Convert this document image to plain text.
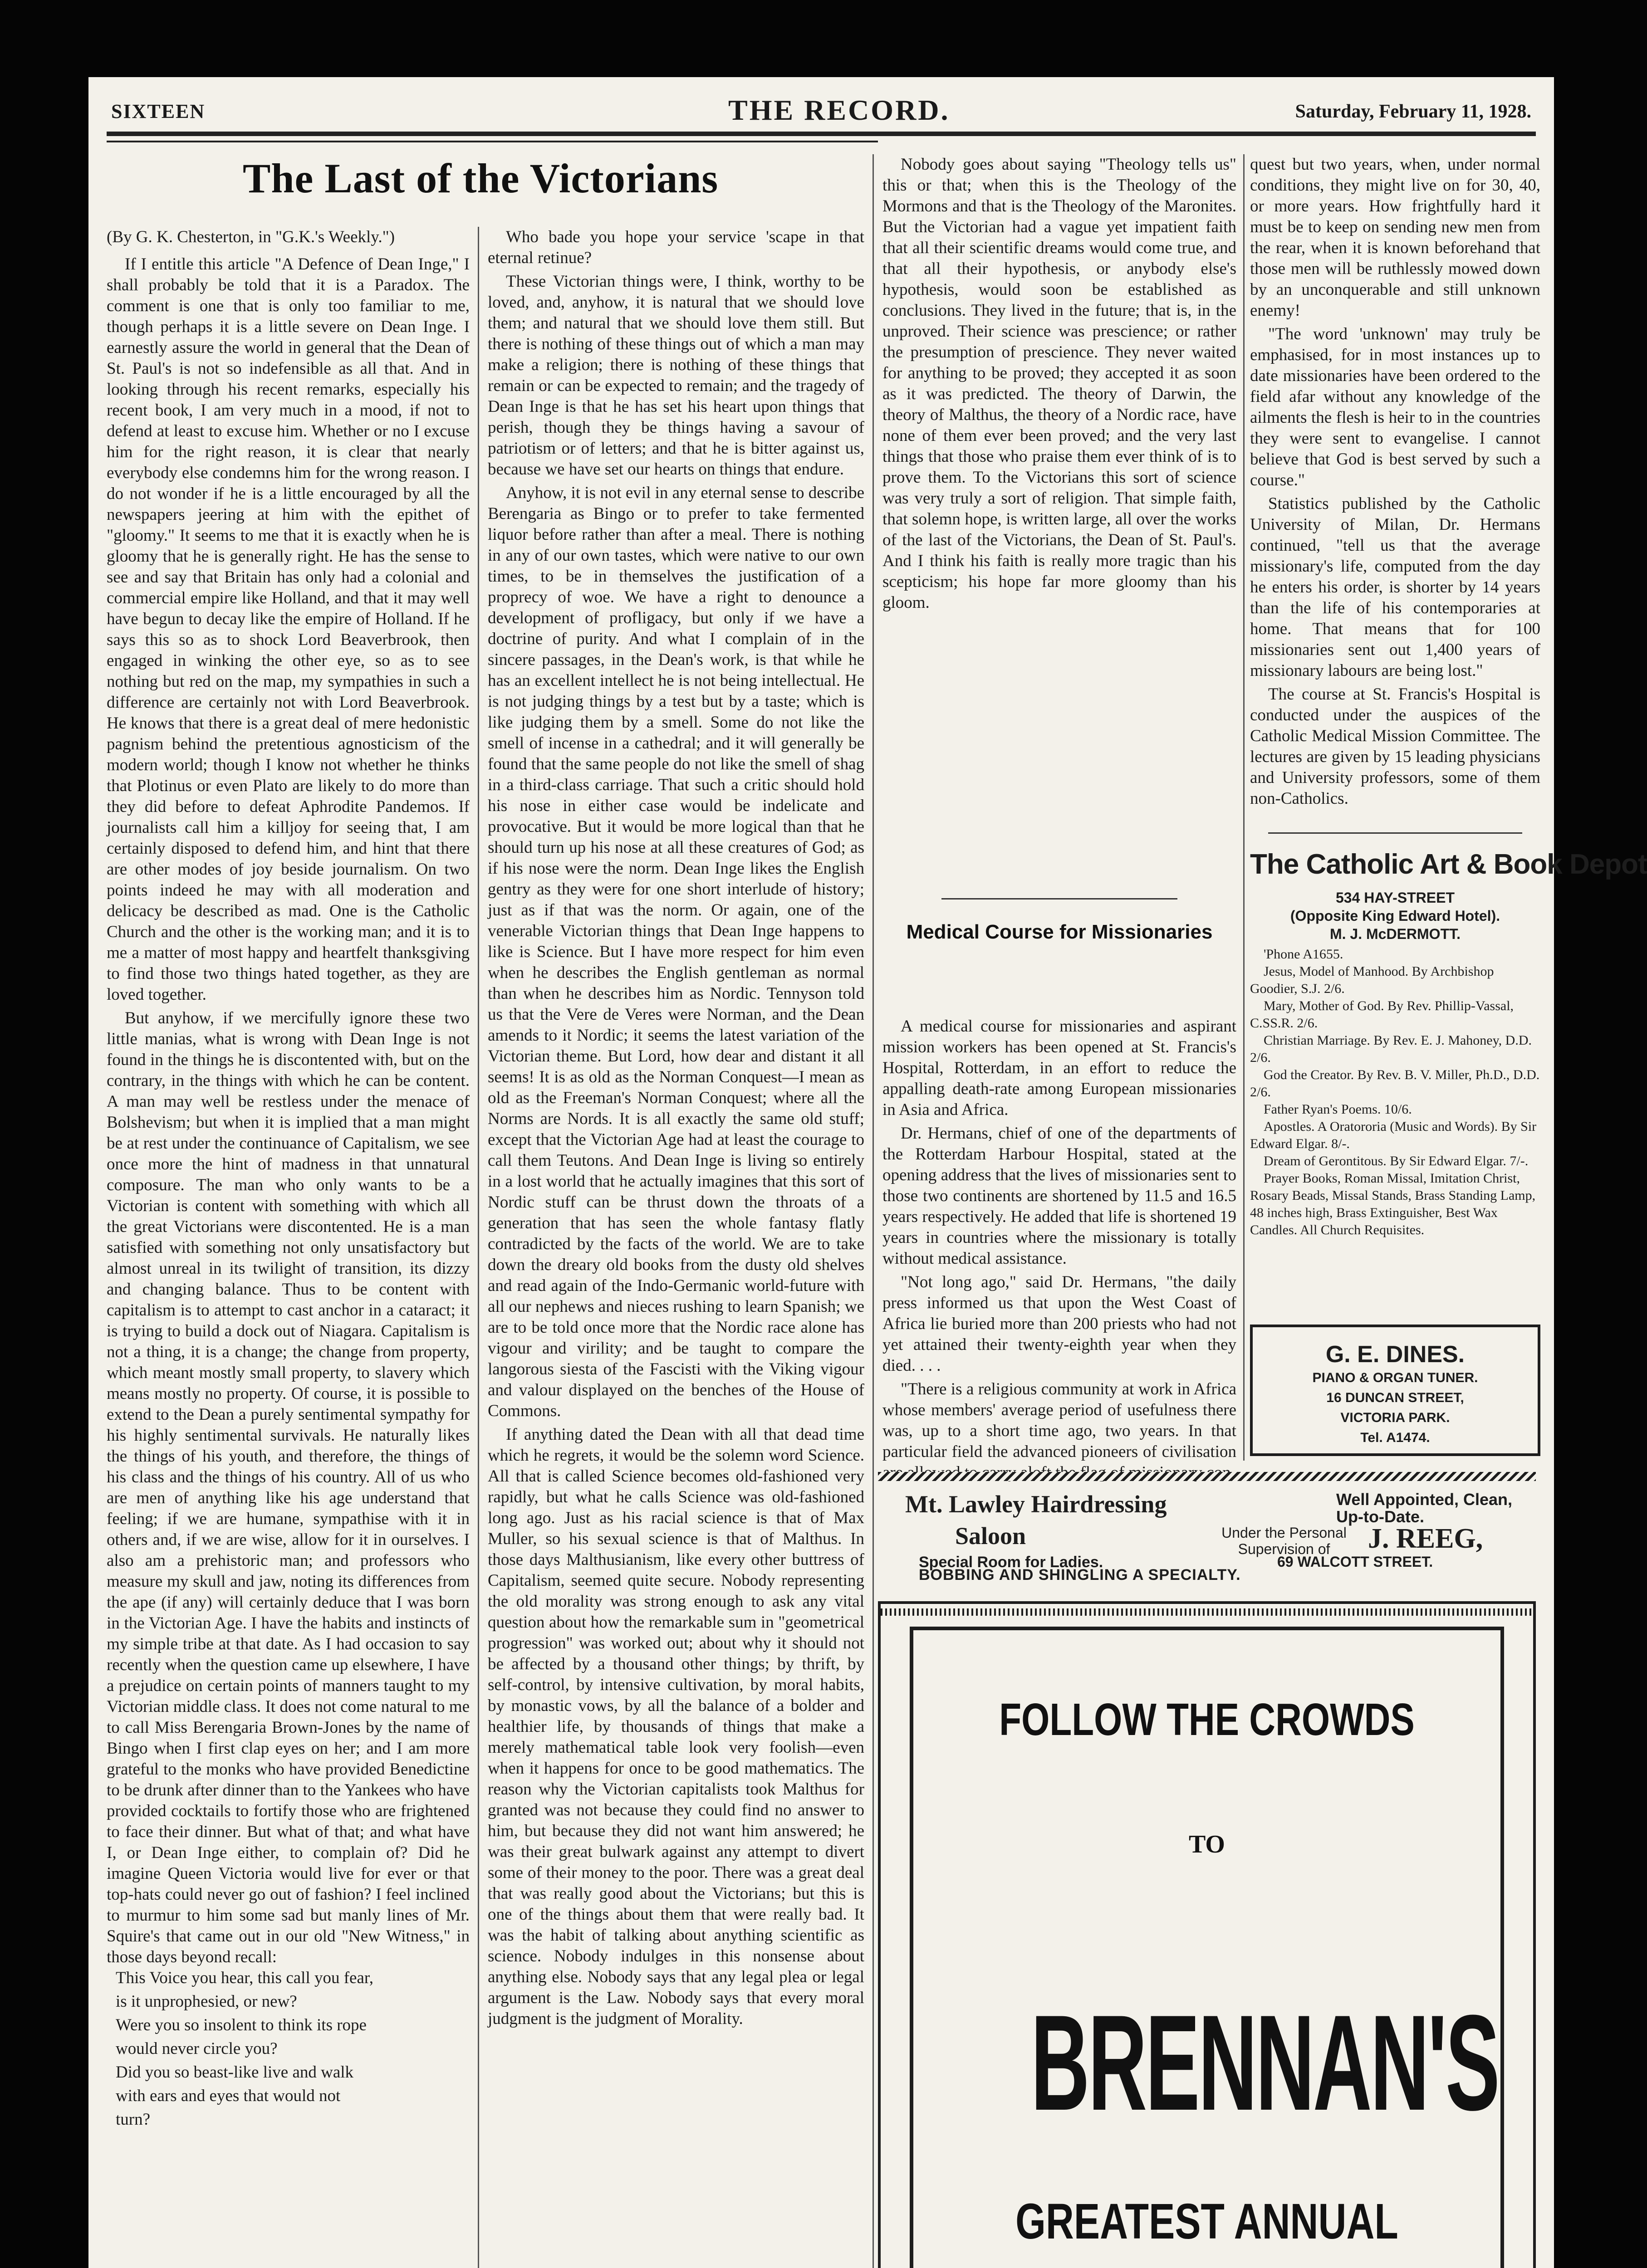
SIXTEEN	THE RECORD.	Saturday, February 11, 1928.
The Last of the Victorians
(By G. K. Chesterton, in "G.K.'s Weekly.")

If I entitle this article "A Defence of Dean Inge," I shall probably be told that it is a Paradox. The comment is one that is only too familiar to me, though perhaps it is a little severe on Dean Inge. I earnestly assure the world in general that the Dean of St. Paul's is not so indefensible as all that. And in looking through his recent remarks, especially his recent book, I am very much in a mood, if not to defend at least to excuse him. Whether or no I excuse him for the right reason, it is clear that nearly everybody else condemns him for the wrong reason. I do not wonder if he is a little encouraged by all the newspapers jeering at him with the epithet of "gloomy." It seems to me that it is exactly when he is gloomy that he is generally right. He has the sense to see and say that Britain has only had a colonial and commercial empire like Holland, and that it may well have begun to decay like the empire of Holland. If he says this so as to shock Lord Beaverbrook, then engaged in winking the other eye, so as to see nothing but red on the map, my sympathies in such a difference are certainly not with Lord Beaverbrook. He knows that there is a great deal of mere hedonistic pagnism behind the pretentious agnosticism of the modern world; though I know not whether he thinks that Plotinus or even Plato are likely to do more than they did before to defeat Aphrodite Pandemos. If journalists call him a killjoy for seeing that, I am certainly disposed to defend him, and hint that there are other modes of joy beside journalism. On two points indeed he may with all moderation and delicacy be described as mad. One is the Catholic Church and the other is the working man; and it is to me a matter of most happy and heartfelt thanksgiving to find those two things hated together, as they are loved together.

But anyhow, if we mercifully ignore these two little manias, what is wrong with Dean Inge is not found in the things he is discontented with, but on the contrary, in the things with which he can be content. A man may well be restless under the menace of Bolshevism; but when it is implied that a man might be at rest under the continuance of Capitalism, we see once more the hint of madness in that unnatural composure. The man who only wants to be a Victorian is content with something with which all the great Victorians were discontented. He is a man satisfied with something not only unsatisfactory but almost unreal in its twilight of transition, its dizzy and changing balance. Thus to be content with capitalism is to attempt to cast anchor in a cataract; it is trying to build a dock out of Niagara. Capitalism is not a thing, it is a change; the change from property, which meant mostly small property, to slavery which means mostly no property. Of course, it is possible to extend to the Dean a purely sentimental sympathy for his highly sentimental survivals. He naturally likes the things of his youth, and therefore, the things of his class and the things of his country. All of us who are men of anything like his age understand that feeling; if we are humane, sympathise with it in others and, if we are wise, allow for it in ourselves. I also am a prehistoric man; and professors who measure my skull and jaw, noting its differences from the ape (if any) will certainly deduce that I was born in the Victorian Age. I have the habits and instincts of my simple tribe at that date. As I had occasion to say recently when the question came up elsewhere, I have a prejudice on certain points of manners taught to my Victorian middle class. It does not come natural to me to call Miss Berengaria Brown-Jones by the name of Bingo when I first clap eyes on her; and I am more grateful to the monks who have provided Benedictine to be drunk after dinner than to the Yankees who have provided cocktails to fortify those who are frightened to face their dinner. But what of that; and what have I, or Dean Inge either, to complain of? Did he imagine Queen Victoria would live for ever or that top-hats could never go out of fashion? I feel inclined to murmur to him some sad but manly lines of Mr. Squire's that came out in our old "New Witness," in those days beyond recall:

This Voice you hear, this call you fear,

is it unprophesied, or new?

Were you so insolent to think its rope

would never circle you?

Did you so beast-like live and walk

with ears and eyes that would not

turn?

Who bade you hope your service 'scape in that eternal retinue?

These Victorian things were, I think, worthy to be loved, and, anyhow, it is natural that we should love them; and natural that we should love them still. But there is nothing of these things out of which a man may make a religion; there is nothing of these things that remain or can be expected to remain; and the tragedy of Dean Inge is that he has set his heart upon things that perish, though they be things having a savour of patriotism or of letters; and that he is bitter against us, because we have set our hearts on things that endure.

Anyhow, it is not evil in any eternal sense to describe Berengaria as Bingo or to prefer to take fermented liquor before rather than after a meal. There is nothing in any of our own tastes, which were native to our own times, to be in themselves the justification of a proprecy of woe. We have a right to denounce a development of profligacy, but only if we have a doctrine of purity. And what I complain of in the sincere passages, in the Dean's work, is that while he has an excellent intellect he is not being intellectual. He is not judging things by a test but by a taste; which is like judging them by a smell. Some do not like the smell of incense in a cathedral; and it will generally be found that the same people do not like the smell of shag in a third-class carriage. That such a critic should hold his nose in either case would be indelicate and provocative. But it would be more logical than that he should turn up his nose at all these creatures of God; as if his nose were the norm. Dean Inge likes the English gentry as they were for one short interlude of history; just as if that was the norm. Or again, one of the venerable Victorian things that Dean Inge happens to like is Science. But I have more respect for him even when he describes the English gentleman as normal than when he describes him as Nordic. Tennyson told us that the Vere de Veres were Norman, and the Dean amends to it Nordic; it seems the latest variation of the Victorian theme. But Lord, how dear and distant it all seems! It is as old as the Norman Conquest—I mean as old as the Freeman's Norman Conquest; where all the Norms are Nords. It is all exactly the same old stuff; except that the Victorian Age had at least the courage to call them Teutons. And Dean Inge is living so entirely in a lost world that he actually imagines that this sort of Nordic stuff can be thrust down the throats of a generation that has seen the whole fantasy flatly contradicted by the facts of the world. We are to take down the dreary old books from the dusty old shelves and read again of the Indo-Germanic world-future with all our nephews and nieces rushing to learn Spanish; we are to be told once more that the Nordic race alone has vigour and virility; and be taught to compare the langorous siesta of the Fascisti with the Viking vigour and valour displayed on the benches of the House of Commons.

If anything dated the Dean with all that dead time which he regrets, it would be the solemn word Science. All that is called Science becomes old-fashioned very rapidly, but what he calls Science was old-fashioned long ago. Just as his racial science is that of Max Muller, so his sexual science is that of Malthus. In those days Malthusianism, like every other buttress of Capitalism, seemed quite secure. Nobody representing the old morality was strong enough to ask any vital question about how the remarkable sum in "geometrical progression" was worked out; about why it should not be affected by a thousand other things; by thrift, by self-control, by intensive cultivation, by moral habits, by monastic vows, by all the balance of a bolder and healthier life, by thousands of things that make a merely mathematical table look very foolish—even when it happens for once to be good mathematics. The reason why the Victorian capitalists took Malthus for granted was not because they could find no answer to him, but because they did not want him answered; he was their great bulwark against any attempt to divert some of their money to the poor. There was a great deal that was really good about the Victorians; but this is one of the things about them that were really bad. It was the habit of talking about anything scientific as science. Nobody indulges in this nonsense about anything else. Nobody says that any legal plea or legal argument is the Law. Nobody says that every moral judgment is the judgment of Morality.

Nobody goes about saying "Theology tells us" this or that; when this is the Theology of the Mormons and that is the Theology of the Maronites. But the Victorian had a vague yet impatient faith that all their scientific dreams would come true, and that all their hypothesis, or anybody else's hypothesis, would soon be established as conclusions. They lived in the future; that is, in the unproved. Their science was prescience; or rather the presumption of prescience. They never waited for anything to be proved; they accepted it as soon as it was predicted. The theory of Darwin, the theory of Malthus, the theory of a Nordic race, have none of them ever been proved; and the very last things that those who praise them ever think of is to prove them. To the Victorians this sort of science was very truly a sort of religion. That simple faith, that solemn hope, is written large, all over the works of the last of the Victorians, the Dean of St. Paul's. And I think his faith is really more tragic than his scepticism; his hope far more gloomy than his gloom.

Medical Course for Missionaries

A medical course for missionaries and aspirant mission workers has been opened at St. Francis's Hospital, Rotterdam, in an effort to reduce the appalling death-rate among European missionaries in Asia and Africa.

Dr. Hermans, chief of one of the departments of the Rotterdam Harbour Hospital, stated at the opening address that the lives of missionaries sent to those two continents are shortened by 11.5 and 16.5 years respectively. He added that life is shortened 19 years in countries where the missionary is totally without medical assistance.

"Not long ago," said Dr. Hermans, "the daily press informed us that upon the West Coast of Africa lie buried more than 200 priests who had not yet attained their twenty-eighth year when they died. . . .

"There is a religious community at work in Africa whose members' average period of usefulness there was, up to a short time ago, two years. In that particular field the advanced pioneers of civilisation

quest but two years, when, under normal conditions, they might live on for 30, 40, or more years. How frightfully hard it must be to keep on sending new men from the rear, when it is known beforehand that those men will be ruthlessly mowed down by an unconquerable and still unknown enemy!

"The word 'unknown' may truly be emphasised, for in most instances up to date missionaries have been ordered to the field afar without any knowledge of the ailments the flesh is heir to in the countries they were sent to evangelise. I cannot believe that God is best served by such a course."

Statistics published by the Catholic University of Milan, Dr. Hermans continued, "tell us that the average missionary's life, computed from the day he enters his order, is shorter by 14 years than the life of his contemporaries at home. That means that for 100 missionaries sent out 1,400 years of missionary labours are being lost."

The course at St. Francis's Hospital is conducted under the auspices of the Catholic Medical Mission Committee. The lectures are given by 15 leading physicians and University professors, some of them non-Catholics.

The Catholic Art & Book Depot
534 HAY-STREET
(Opposite King Edward Hotel).
M. J. McDERMOTT.
'Phone A1655.
Jesus, Model of Manhood. By Archbishop Goodier, S.J. 2/6.
Mary, Mother of God. By Rev. Phillip-Vassal, C.SS.R. 2/6.
Christian Marriage. By Rev. E. J. Mahoney, D.D. 2/6.
God the Creator. By Rev. B. V. Miller, Ph.D., D.D. 2/6.
Father Ryan's Poems. 10/6.
Apostles. A Oratororia (Music and Words). By Sir Edward Elgar. 8/-.
Dream of Gerontitous. By Sir Edward Elgar. 7/-.
Prayer Books, Roman Missal, Imitation Christ, Rosary Beads, Missal Stands, Brass Standing Lamp, 48 inches high, Brass Extinguisher, Best Wax Candles. All Church Requisites.
G. E. DINES.
PIANO & ORGAN TUNER.
16 DUNCAN STREET,
VICTORIA PARK.
Tel. A1474.
Mt. Lawley Hairdressing
Saloon
Special Room for Ladies.
Well Appointed, Clean, Up-to-Date.
Under the Personal Supervision of	J. REEG,
69 WALCOTT STREET.
BOBBING AND SHINGLING A SPECIALTY.
FOLLOW THE CROWDS
TO
BRENNAN'S
GREATEST ANNUAL
